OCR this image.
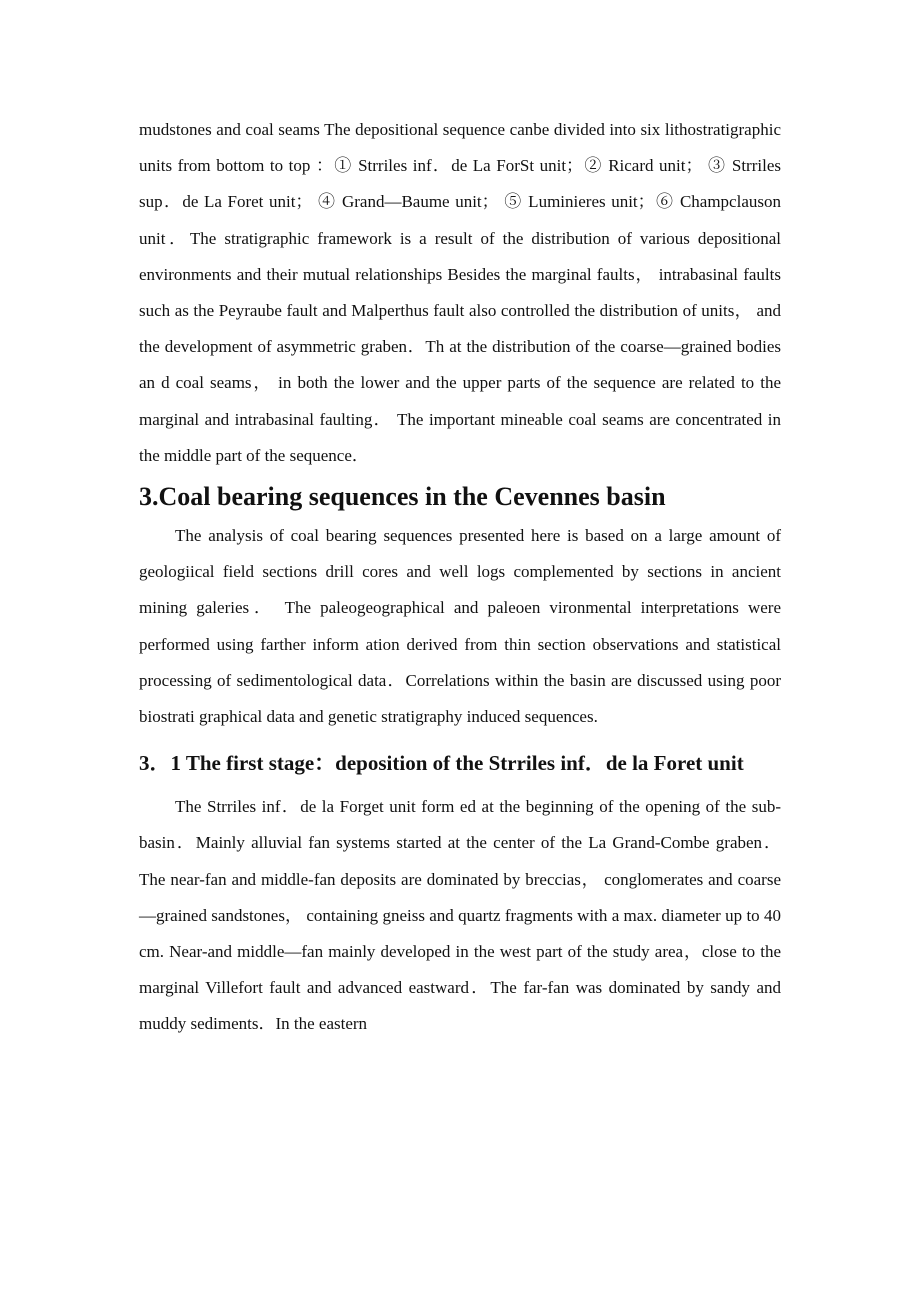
mudstones and coal seams The depositional sequence canbe divided into six lithostratigraphic units from bottom to top ：① Strriles inf．de La ForSt unit；② Ricard unit； ③ Strriles sup．de La Foret unit； ④ Grand—Baume unit； ⑤ Luminieres unit；⑥ Champclauson unit．The stratigraphic framework is a result of the distribution of various depositional environments and their mutual relationships Besides the marginal faults， intrabasinal faults such as the Peyraube fault and Malperthus fault also controlled the distribution of units， and the development of asymmetric graben．Th at the distribution of the coarse—grained bodies an d coal seams， in both the lower and the upper parts of the sequence are related to the marginal and intrabasinal faulting． The important mineable coal seams are concentrated in the middle part of the sequence．

3.Coal bearing sequences in the Cevennes basin

The analysis of coal bearing sequences presented here is based on a large amount of geologiical field sections drill cores and well logs complemented by sections in ancient mining galeries． The paleogeographical and paleoen vironmental interpretations were performed using farther inform ation derived from thin section observations and statistical processing of sedimentological data．Correlations within the basin are discussed using poor biostrati graphical data and genetic stratigraphy induced sequences.

3．1 The first stage：deposition of the Strriles inf．de la Foret unit

The Strriles inf．de la Forget unit form ed at the beginning of the opening of the sub-basin．Mainly alluvial fan systems started at the center of the La Grand-Combe graben． The near-fan and middle-fan deposits are dominated by breccias， conglomerates and coarse—grained sandstones， containing gneiss and quartz fragments with a max. diameter up to 40 cm. Near-and middle—fan mainly developed in the west part of the study area，close to the marginal Villefort fault and advanced eastward．The far-fan was dominated by sandy and muddy sediments．In the eastern
